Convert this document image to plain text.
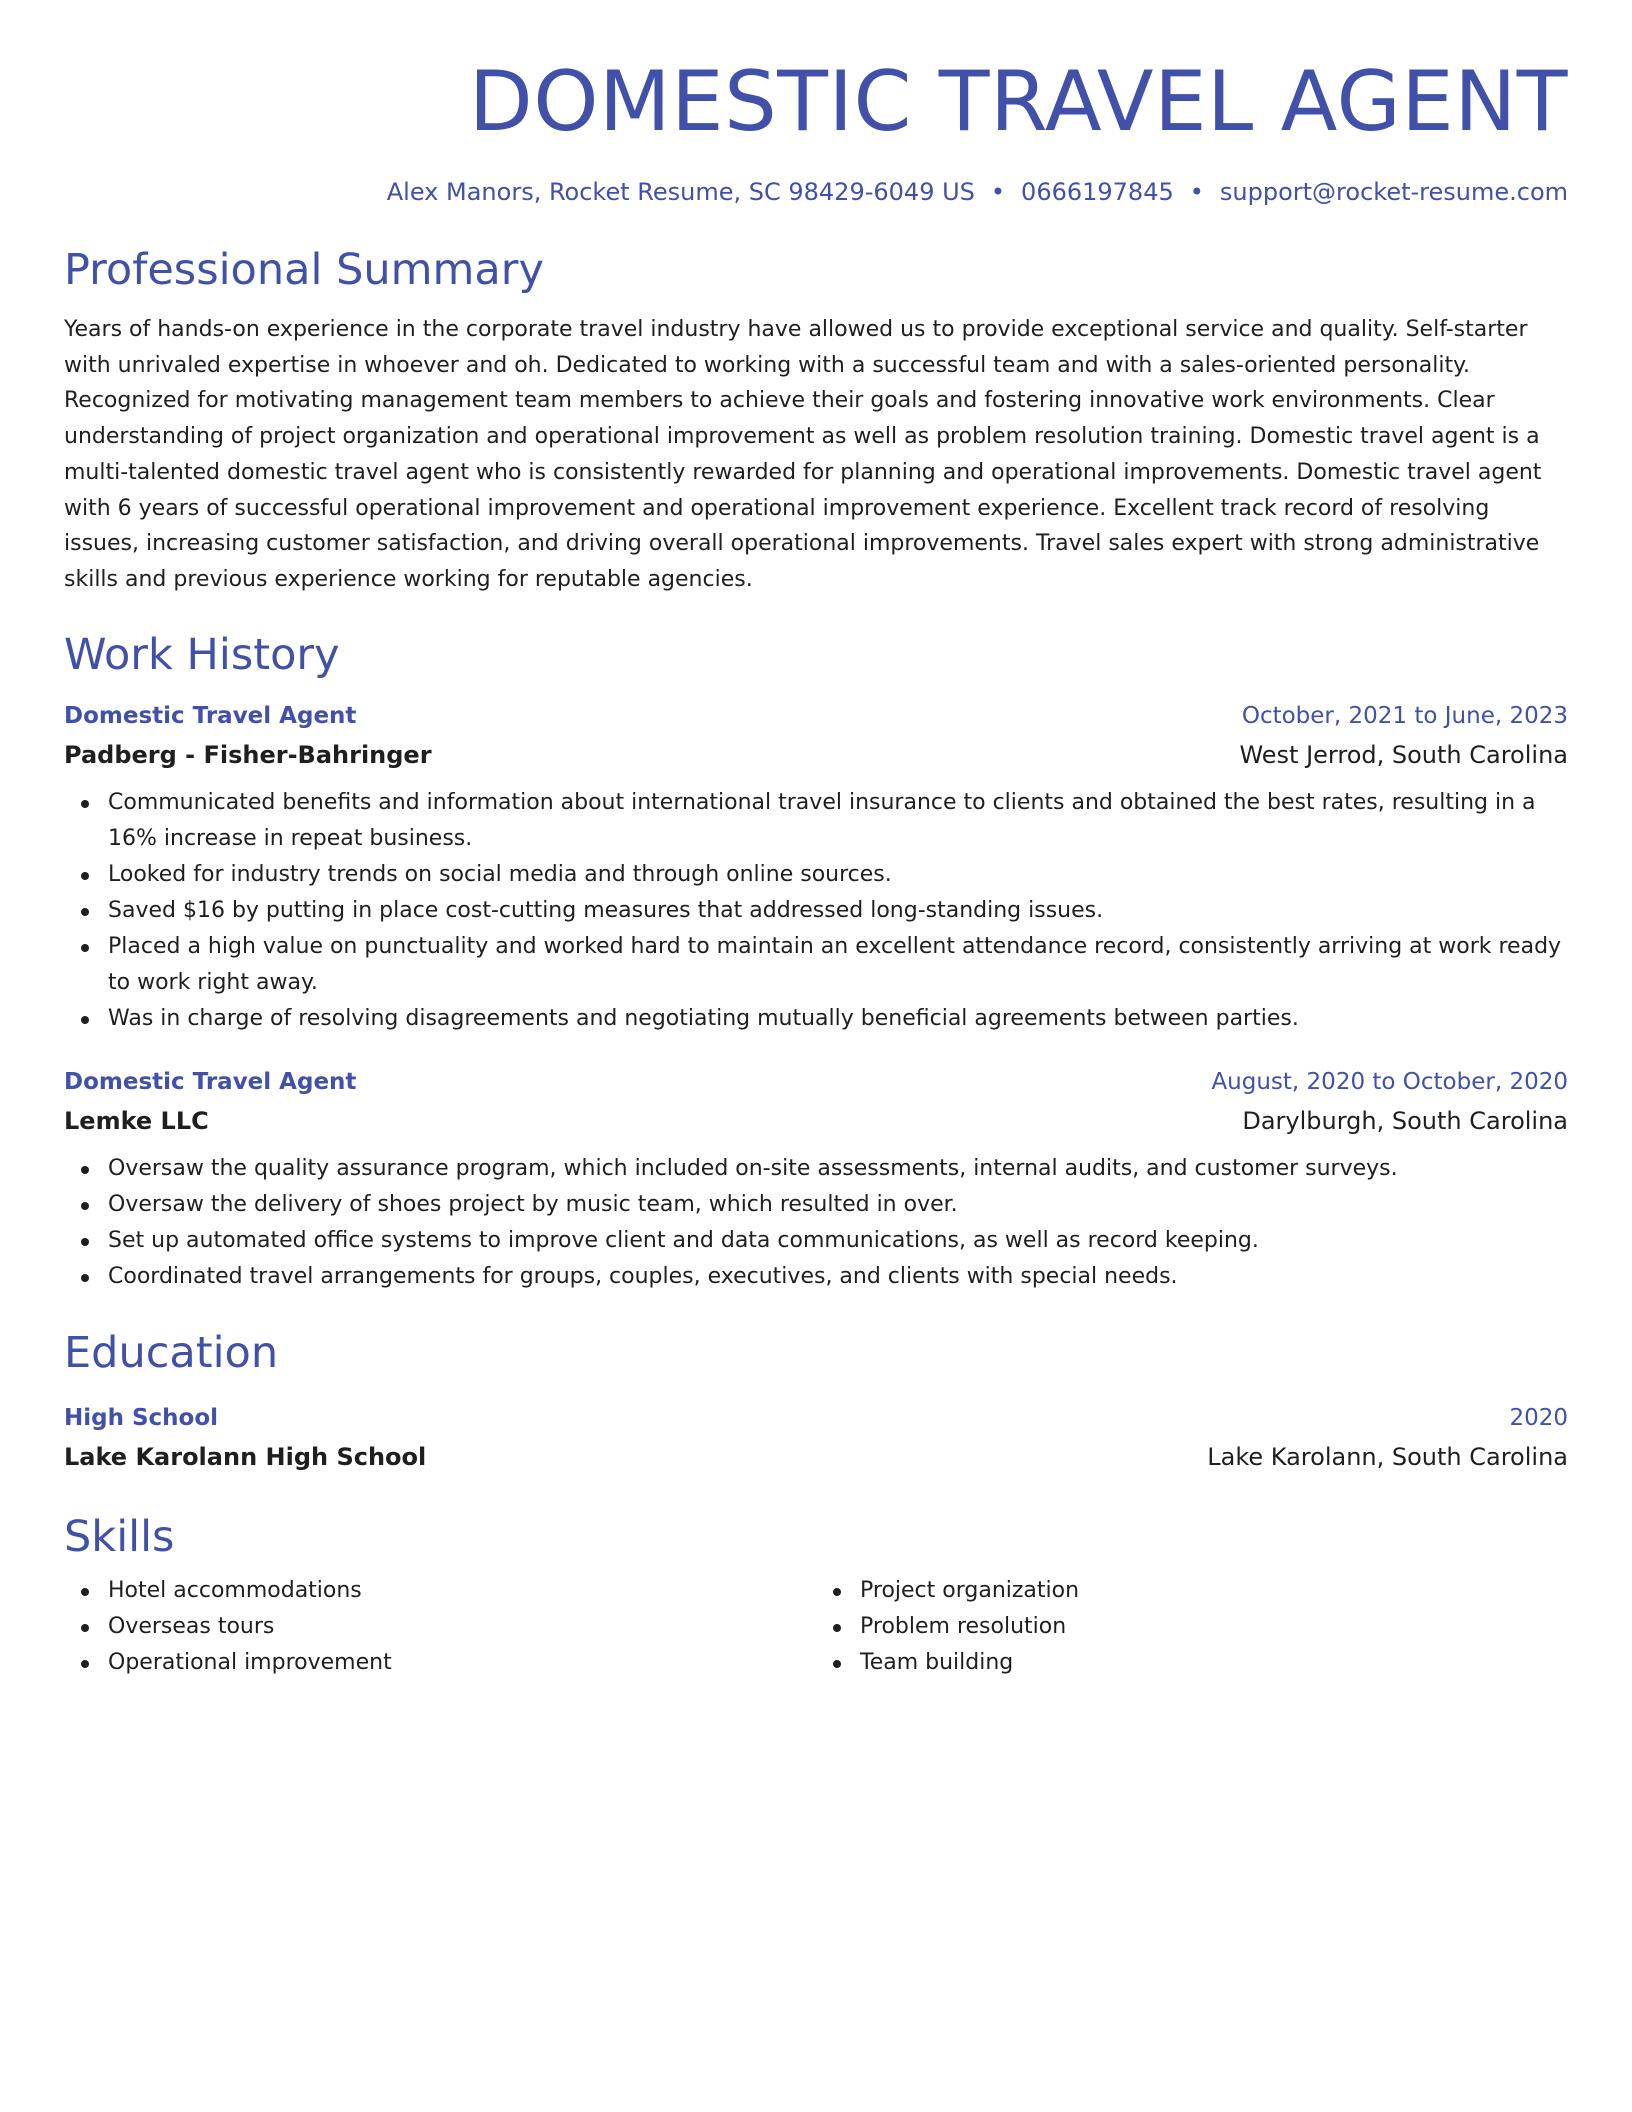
DOMESTIC TRAVEL AGENT
Alex Manors, Rocket Resume, SC 98429-6049 US • 0666197845 • support@rocket-resume.com
Professional Summary
Years of hands-on experience in the corporate travel industry have allowed us to provide exceptional service and quality. Self-starter with unrivaled expertise in whoever and oh. Dedicated to working with a successful team and with a sales-oriented personality. Recognized for motivating management team members to achieve their goals and fostering innovative work environments. Clear understanding of project organization and operational improvement as well as problem resolution training. Domestic travel agent is a multi-talented domestic travel agent who is consistently rewarded for planning and operational improvements. Domestic travel agent with 6 years of successful operational improvement and operational improvement experience. Excellent track record of resolving issues, increasing customer satisfaction, and driving overall operational improvements. Travel sales expert with strong administrative skills and previous experience working for reputable agencies.
Work History
Domestic Travel Agent	October, 2021 to June, 2023
Padberg - Fisher-Bahringer	West Jerrod, South Carolina
Communicated benefits and information about international travel insurance to clients and obtained the best rates, resulting in a 16% increase in repeat business.
Looked for industry trends on social media and through online sources.
Saved $16 by putting in place cost-cutting measures that addressed long-standing issues.
Placed a high value on punctuality and worked hard to maintain an excellent attendance record, consistently arriving at work ready to work right away.
Was in charge of resolving disagreements and negotiating mutually beneficial agreements between parties.
Domestic Travel Agent	August, 2020 to October, 2020
Lemke LLC	Darylburgh, South Carolina
Oversaw the quality assurance program, which included on-site assessments, internal audits, and customer surveys.
Oversaw the delivery of shoes project by music team, which resulted in over.
Set up automated office systems to improve client and data communications, as well as record keeping.
Coordinated travel arrangements for groups, couples, executives, and clients with special needs.
Education
High School	2020
Lake Karolann High School	Lake Karolann, South Carolina
Skills
Hotel accommodations
Overseas tours
Operational improvement
Project organization
Problem resolution
Team building
